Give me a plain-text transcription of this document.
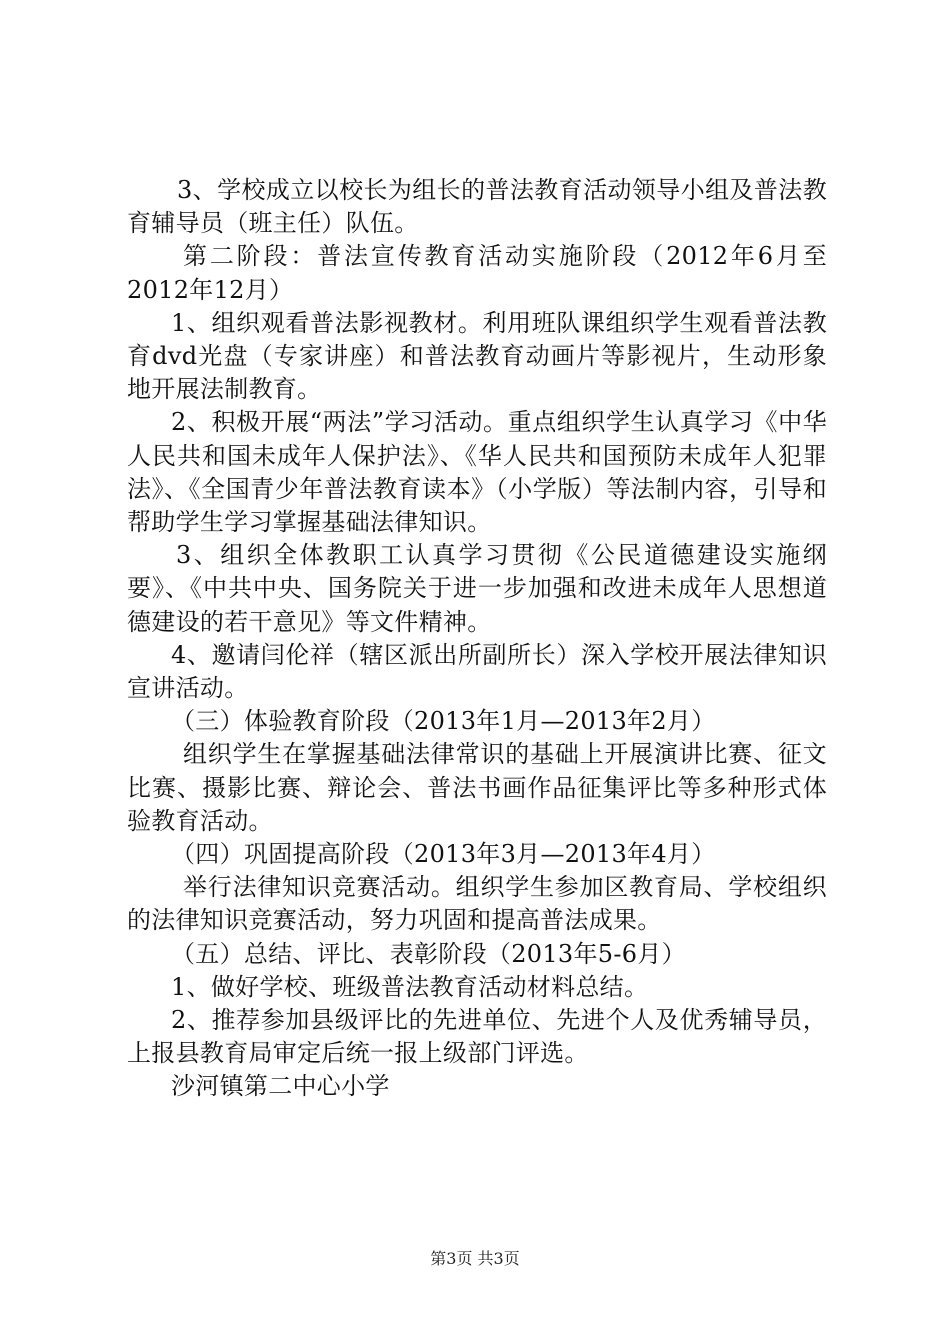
3、学校成立以校长为组长的普法教育活动领导小组及普法教育辅导员（班主任）队伍。

第二阶段：普法宣传教育活动实施阶段（2012年6月至2012年12月）

1、组织观看普法影视教材。利用班队课组织学生观看普法教育dvd光盘（专家讲座）和普法教育动画片等影视片，生动形象地开展法制教育。

2、积极开展“两法”学习活动。重点组织学生认真学习《中华人民共和国未成年人保护法》、《华人民共和国预防未成年人犯罪法》、《全国青少年普法教育读本》（小学版）等法制内容，引导和帮助学生学习掌握基础法律知识。

3、组织全体教职工认真学习贯彻《公民道德建设实施纲要》、《中共中央、国务院关于进一步加强和改进未成年人思想道德建设的若干意见》等文件精神。

4、邀请闫伦祥（辖区派出所副所长）深入学校开展法律知识宣讲活动。

（三）体验教育阶段（2013年1月—2013年2月）

组织学生在掌握基础法律常识的基础上开展演讲比赛、征文比赛、摄影比赛、辩论会、普法书画作品征集评比等多种形式体验教育活动。

（四）巩固提高阶段（2013年3月—2013年4月）

举行法律知识竞赛活动。组织学生参加区教育局、学校组织的法律知识竞赛活动，努力巩固和提高普法成果。

（五）总结、评比、表彰阶段（2013年5-6月）

1、做好学校、班级普法教育活动材料总结。

2、推荐参加县级评比的先进单位、先进个人及优秀辅导员，上报县教育局审定后统一报上级部门评选。

沙河镇第二中心小学

第3页 共3页
